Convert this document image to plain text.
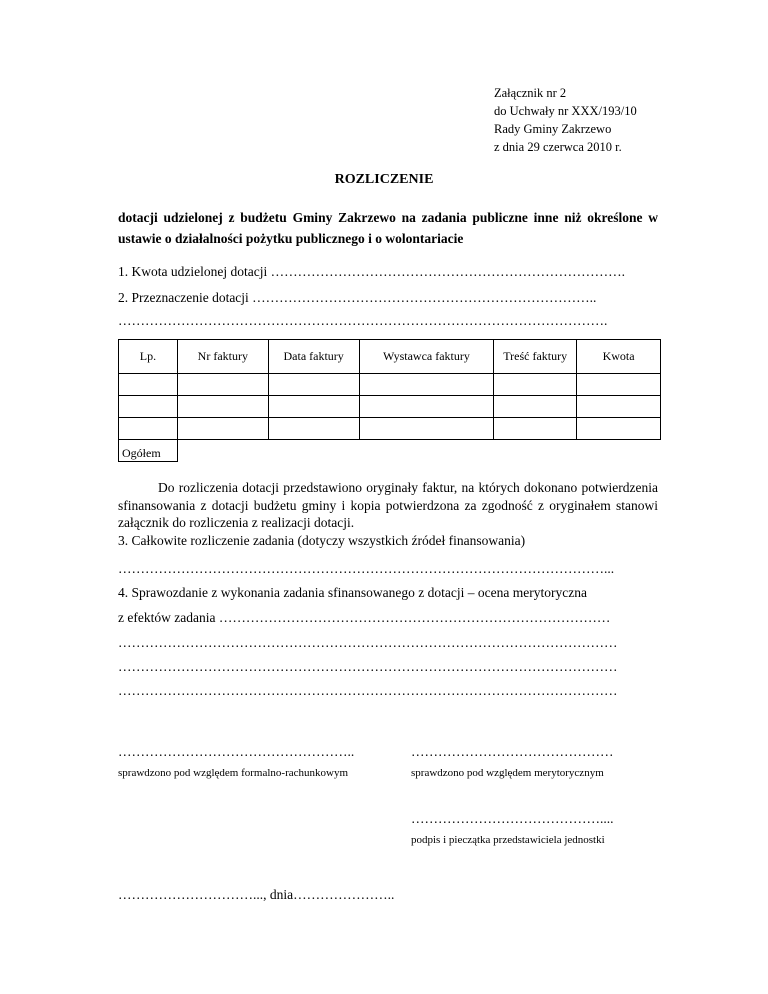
Załącznik nr 2
do Uchwały nr XXX/193/10
Rady Gminy Zakrzewo
z dnia 29 czerwca 2010 r.
ROZLICZENIE
dotacji udzielonej z budżetu Gminy Zakrzewo na zadania publiczne inne niż określone w ustawie o działalności pożytku publicznego i o wolontariacie
1. Kwota udzielonej dotacji …………………………………………………………………….
2. Przeznaczenie dotacji …………………………………………………………………..
……………………………………………………………………………………………….
Lp.	Nr faktury	Data faktury	Wystawca faktury	Treść faktury	Kwota

Ogółem					
Do rozliczenia dotacji przedstawiono oryginały faktur, na których dokonano potwierdzenia sfinansowania z dotacji budżetu gminy i kopia potwierdzona za zgodność z oryginałem stanowi załącznik do rozliczenia z realizacji dotacji.
3. Całkowite rozliczenie zadania (dotyczy wszystkich źródeł finansowania)
………………………………………………………………………………………………...
4. Sprawozdanie z wykonania zadania sfinansowanego z dotacji – ocena merytoryczna
z efektów zadania ……………………………………………………………………………
…………………………………………………………………………………………………
…………………………………………………………………………………………………
…………………………………………………………………………………………………
……………………………………………..
sprawdzono pod względem formalno-rachunkowym
………………………………………
sprawdzono pod względem merytorycznym
……………………………………....
podpis i pieczątka przedstawiciela jednostki
…………………………..., dnia…………………..
